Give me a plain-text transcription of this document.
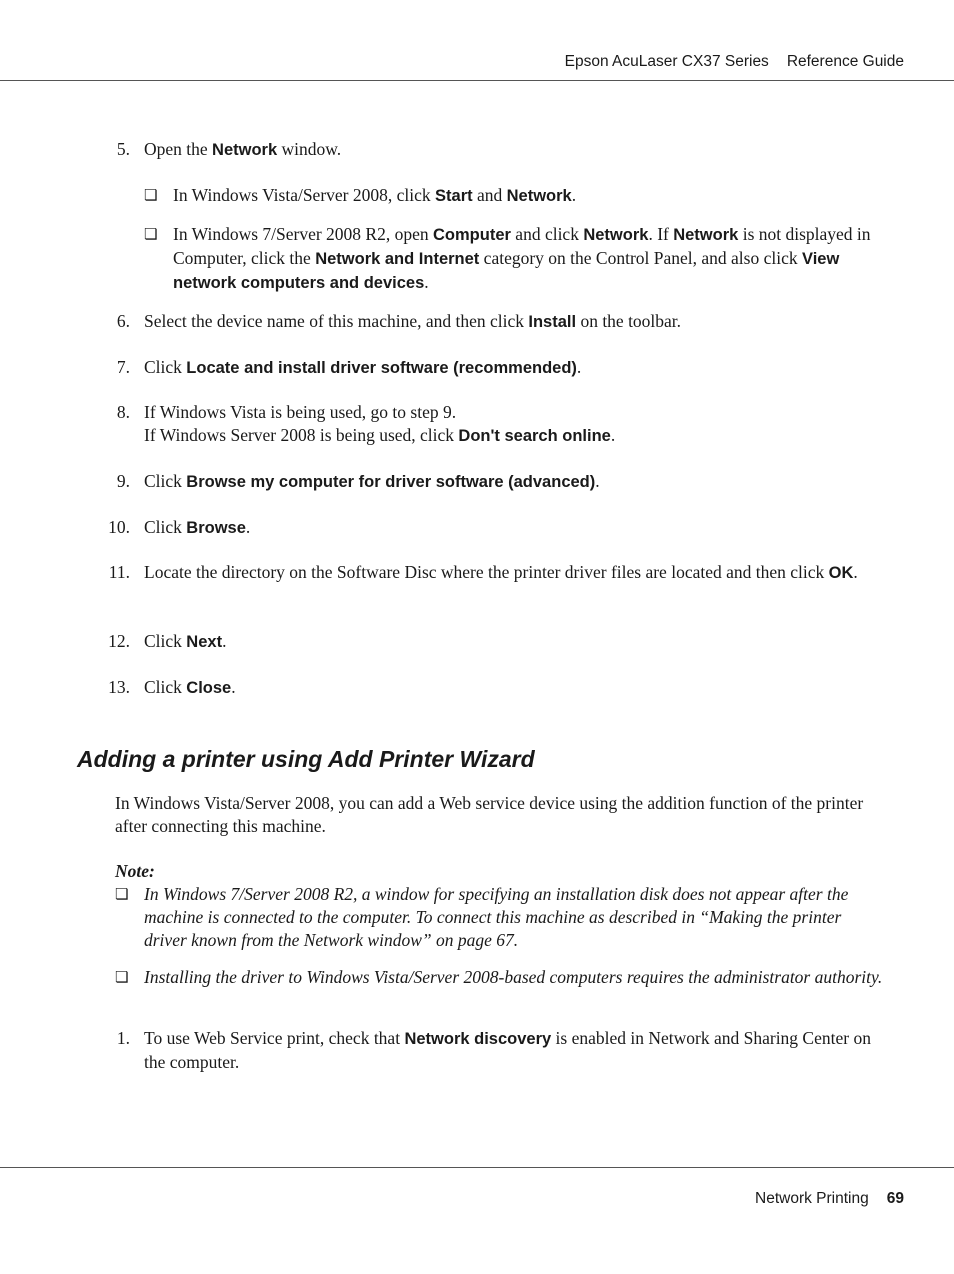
Epson AcuLaser CX37 Series Reference Guide
5. Open the Network window.
❏ In Windows Vista/Server 2008, click Start and Network.
❏ In Windows 7/Server 2008 R2, open Computer and click Network. If Network is not displayed in Computer, click the Network and Internet category on the Control Panel, and also click View network computers and devices.
6. Select the device name of this machine, and then click Install on the toolbar.
7. Click Locate and install driver software (recommended).
8. If Windows Vista is being used, go to step 9.
If Windows Server 2008 is being used, click Don't search online.
9. Click Browse my computer for driver software (advanced).
10. Click Browse.
11. Locate the directory on the Software Disc where the printer driver files are located and then click OK.
12. Click Next.
13. Click Close.
Adding a printer using Add Printer Wizard
In Windows Vista/Server 2008, you can add a Web service device using the addition function of the printer after connecting this machine.
Note:
❏ In Windows 7/Server 2008 R2, a window for specifying an installation disk does not appear after the machine is connected to the computer. To connect this machine as described in “Making the printer driver known from the Network window” on page 67.
❏ Installing the driver to Windows Vista/Server 2008-based computers requires the administrator authority.
1. To use Web Service print, check that Network discovery is enabled in Network and Sharing Center on the computer.
Network Printing 69
